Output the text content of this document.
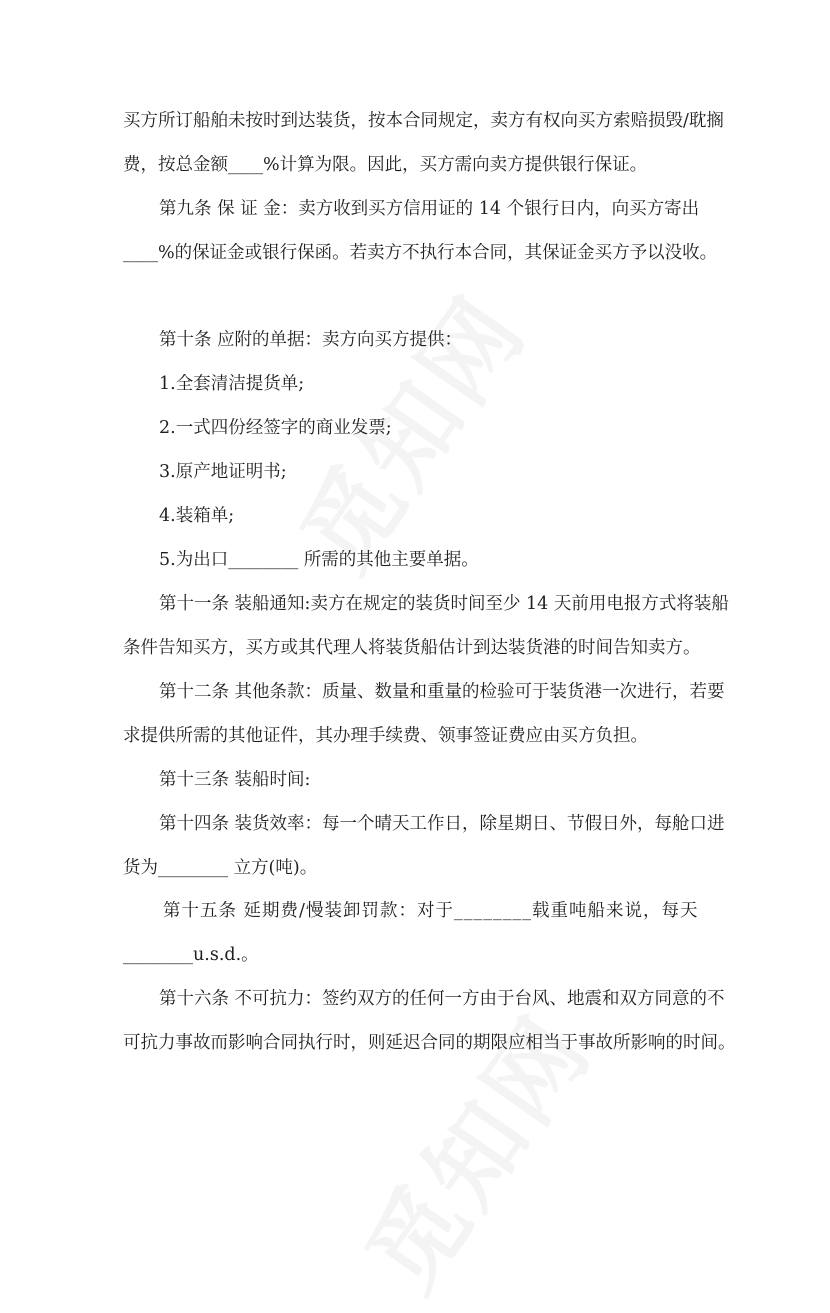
买方所订船舶未按时到达装货，按本合同规定，卖方有权向买方索赔损毁/耽搁
费，按总金额____%计算为限。因此，买方需向卖方提供银行保证。
第九条 保 证 金：卖方收到买方信用证的 14 个银行日内，向买方寄出
____%的保证金或银行保函。若卖方不执行本合同，其保证金买方予以没收。
第十条 应附的单据：卖方向买方提供：
1.全套清洁提货单;
2.一式四份经签字的商业发票;
3.原产地证明书;
4.装箱单;
5.为出口________ 所需的其他主要单据。
第十一条 装船通知:卖方在规定的装货时间至少 14 天前用电报方式将装船
条件告知买方，买方或其代理人将装货船估计到达装货港的时间告知卖方。
第十二条 其他条款：质量、数量和重量的检验可于装货港一次进行，若要
求提供所需的其他证件，其办理手续费、领事签证费应由买方负担。
第十三条 装船时间:
第十四条 装货效率：每一个晴天工作日，除星期日、节假日外，每舱口进
货为________ 立方(吨)。
第十五条 延期费/慢装卸罚款：对于________载重吨船来说，每天
________u.s.d.。
第十六条 不可抗力：签约双方的任何一方由于台风、地震和双方同意的不
可抗力事故而影响合同执行时，则延迟合同的期限应相当于事故所影响的时间。
